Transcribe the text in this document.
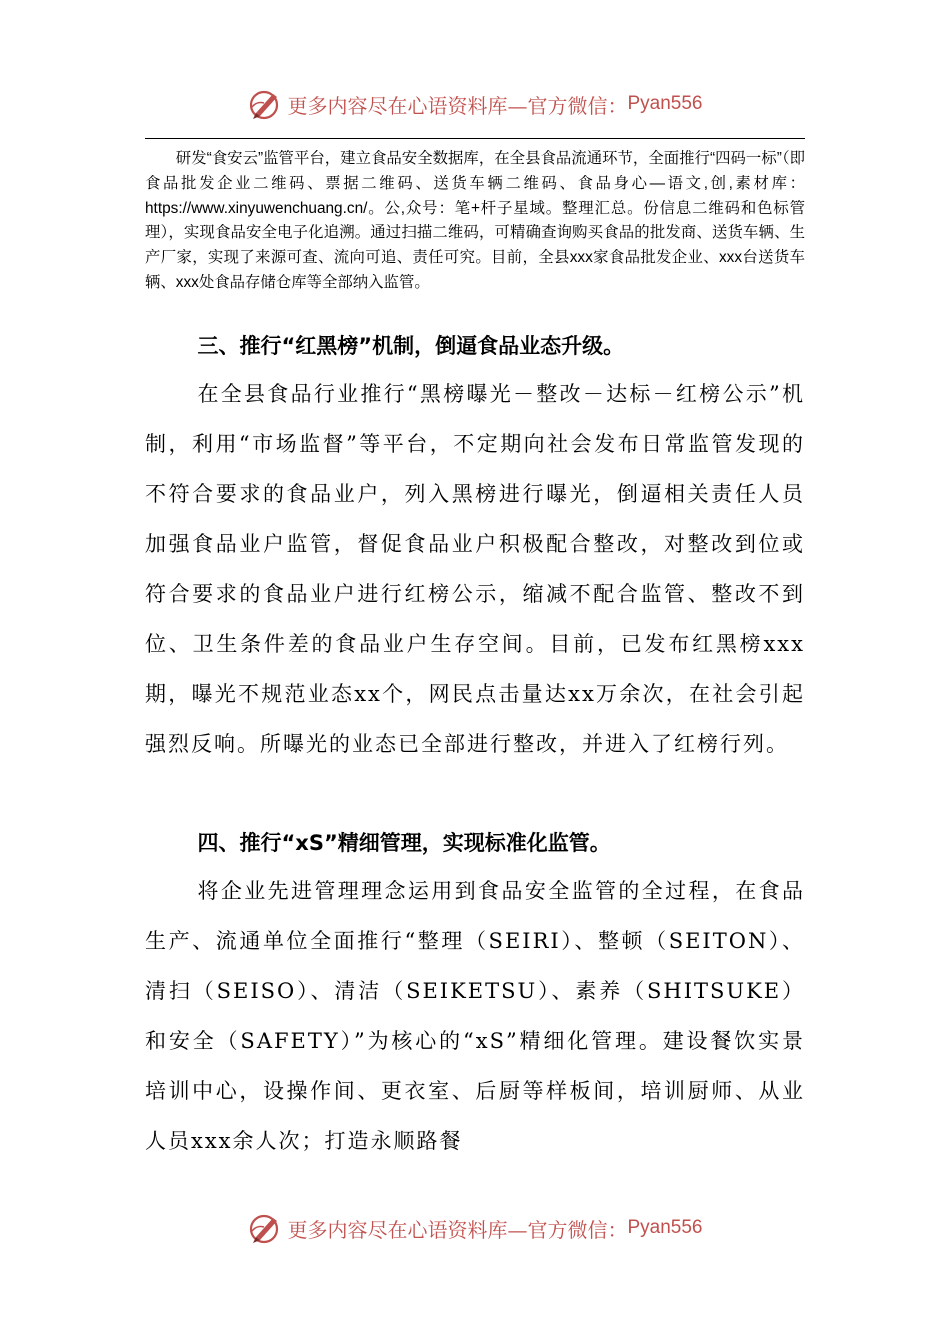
更多内容尽在心语资料库—官方微信： Pyan556

研发“食安云”监管平台，建立食品安全数据库，在全县食品流通环节，全面推行“四码一标”（即食品批发企业二维码、票据二维码、送货车辆二维码、食品身心—语文,创,素材库：https://www.xinyuwenchuang.cn/。公,众号：笔+杆子星域。整理汇总。份信息二维码和色标管理），实现食品安全电子化追溯。通过扫描二维码，可精确查询购买食品的批发商、送货车辆、生产厂家，实现了来源可查、流向可追、责任可究。目前，全县xxx家食品批发企业、xxx台送货车辆、xxx处食品存储仓库等全部纳入监管。

三、推行“红黑榜”机制，倒逼食品业态升级。

在全县食品行业推行“黑榜曝光－整改－达标－红榜公示”机制，利用“市场监督”等平台，不定期向社会发布日常监管发现的不符合要求的食品业户，列入黑榜进行曝光，倒逼相关责任人员加强食品业户监管，督促食品业户积极配合整改，对整改到位或符合要求的食品业户进行红榜公示，缩减不配合监管、整改不到位、卫生条件差的食品业户生存空间。目前，已发布红黑榜xxx期，曝光不规范业态xx个，网民点击量达xx万余次，在社会引起强烈反响。所曝光的业态已全部进行整改，并进入了红榜行列。

四、推行“xS”精细管理，实现标准化监管。

将企业先进管理理念运用到食品安全监管的全过程，在食品生产、流通单位全面推行“整理（SEIRI）、整顿（SEITON）、清扫（SEISO）、清洁（SEIKETSU）、素养（SHITSUKE）和安全（SAFETY）”为核心的“xS”精细化管理。建设餐饮实景培训中心，设操作间、更衣室、后厨等样板间，培训厨师、从业人员xxx余人次；打造永顺路餐

更多内容尽在心语资料库—官方微信： Pyan556
